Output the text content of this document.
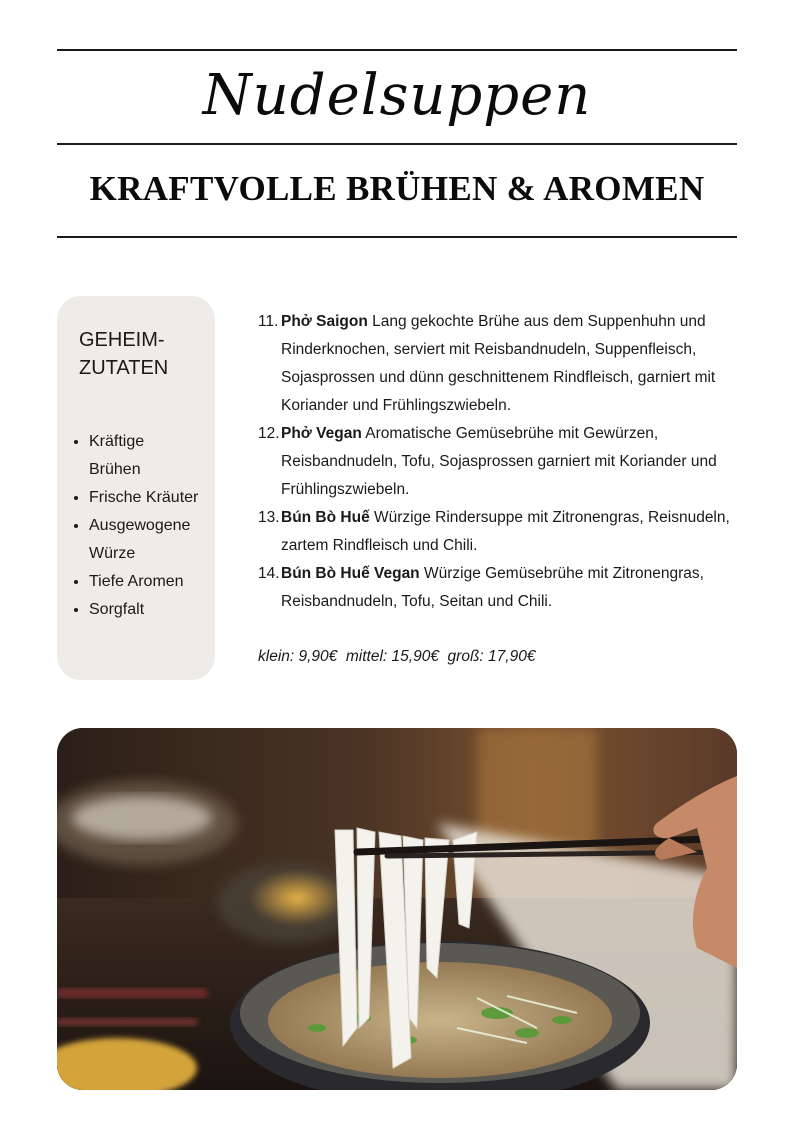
Nudelsuppen
KRAFTVOLLE BRÜHEN & AROMEN

GEHEIM-ZUTATEN

• Kräftige Brühen
• Frische Kräuter
• Ausgewogene Würze
• Tiefe Aromen
• Sorgfalt
11. Phở Saigon Lang gekochte Brühe aus dem Suppenhuhn und Rinderknochen, serviert mit Reisbandnudeln, Suppenfleisch, Sojasprossen und dünn geschnittenem Rindfleisch, garniert mit Koriander und Frühlingszwiebeln.
12. Phở Vegan Aromatische Gemüsebrühe mit Gewürzen, Reisbandnudeln, Tofu, Sojasprossen garniert mit Koriander und Frühlingszwiebeln.
13. Bún Bò Huế Würzige Rindersuppe mit Zitronengras, Reisnudeln, zartem Rindfleisch und Chili.
14. Bún Bò Huế Vegan Würzige Gemüsebrühe mit Zitronengras, Reisbandnudeln, Tofu, Seitan und Chili.
klein: 9,90€  mittel: 15,90€  groß: 17,90€
